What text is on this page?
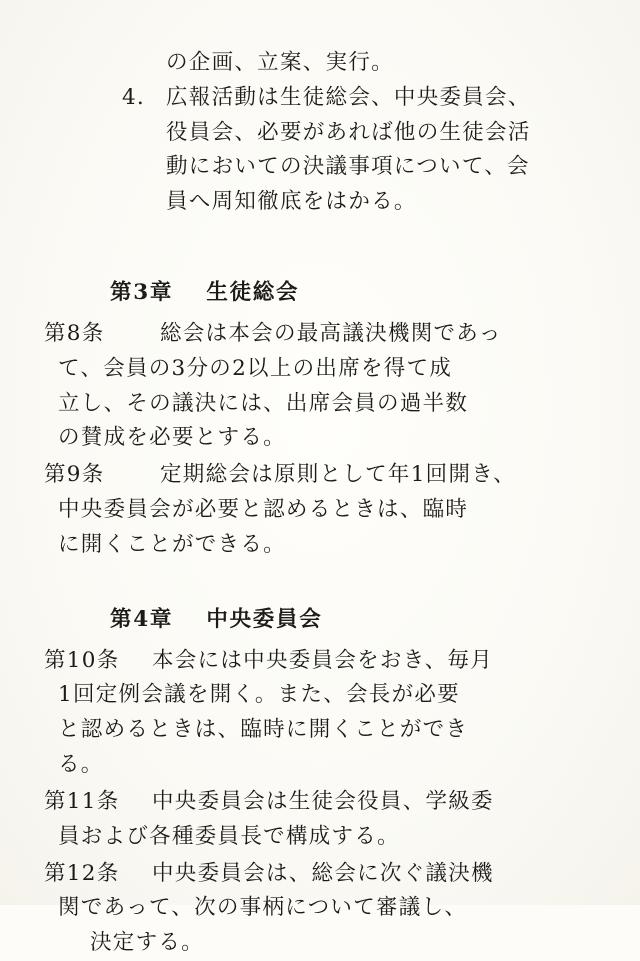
の企画、立案、実行。
4． 広報活動は生徒総会、中央委員会、
役員会、必要があれば他の生徒会活
動においての決議事項について、会
員へ周知徹底をはかる。
第3章 生徒総会
第8条	総会は本会の最高議決機関であっ
て、会員の3分の2以上の出席を得て成
立し、その議決には、出席会員の過半数
の賛成を必要とする。
第9条	定期総会は原則として年1回開き、
中央委員会が必要と認めるときは、臨時
に開くことができる。
第4章 中央委員会
第10条	本会には中央委員会をおき、毎月
1回定例会議を開く。また、会長が必要
と認めるときは、臨時に開くことができ
る。
第11条	中央委員会は生徒会役員、学級委
員および各種委員長で構成する。
第12条	中央委員会は、総会に次ぐ議決機
関であって、次の事柄について審議し、
決定する。
